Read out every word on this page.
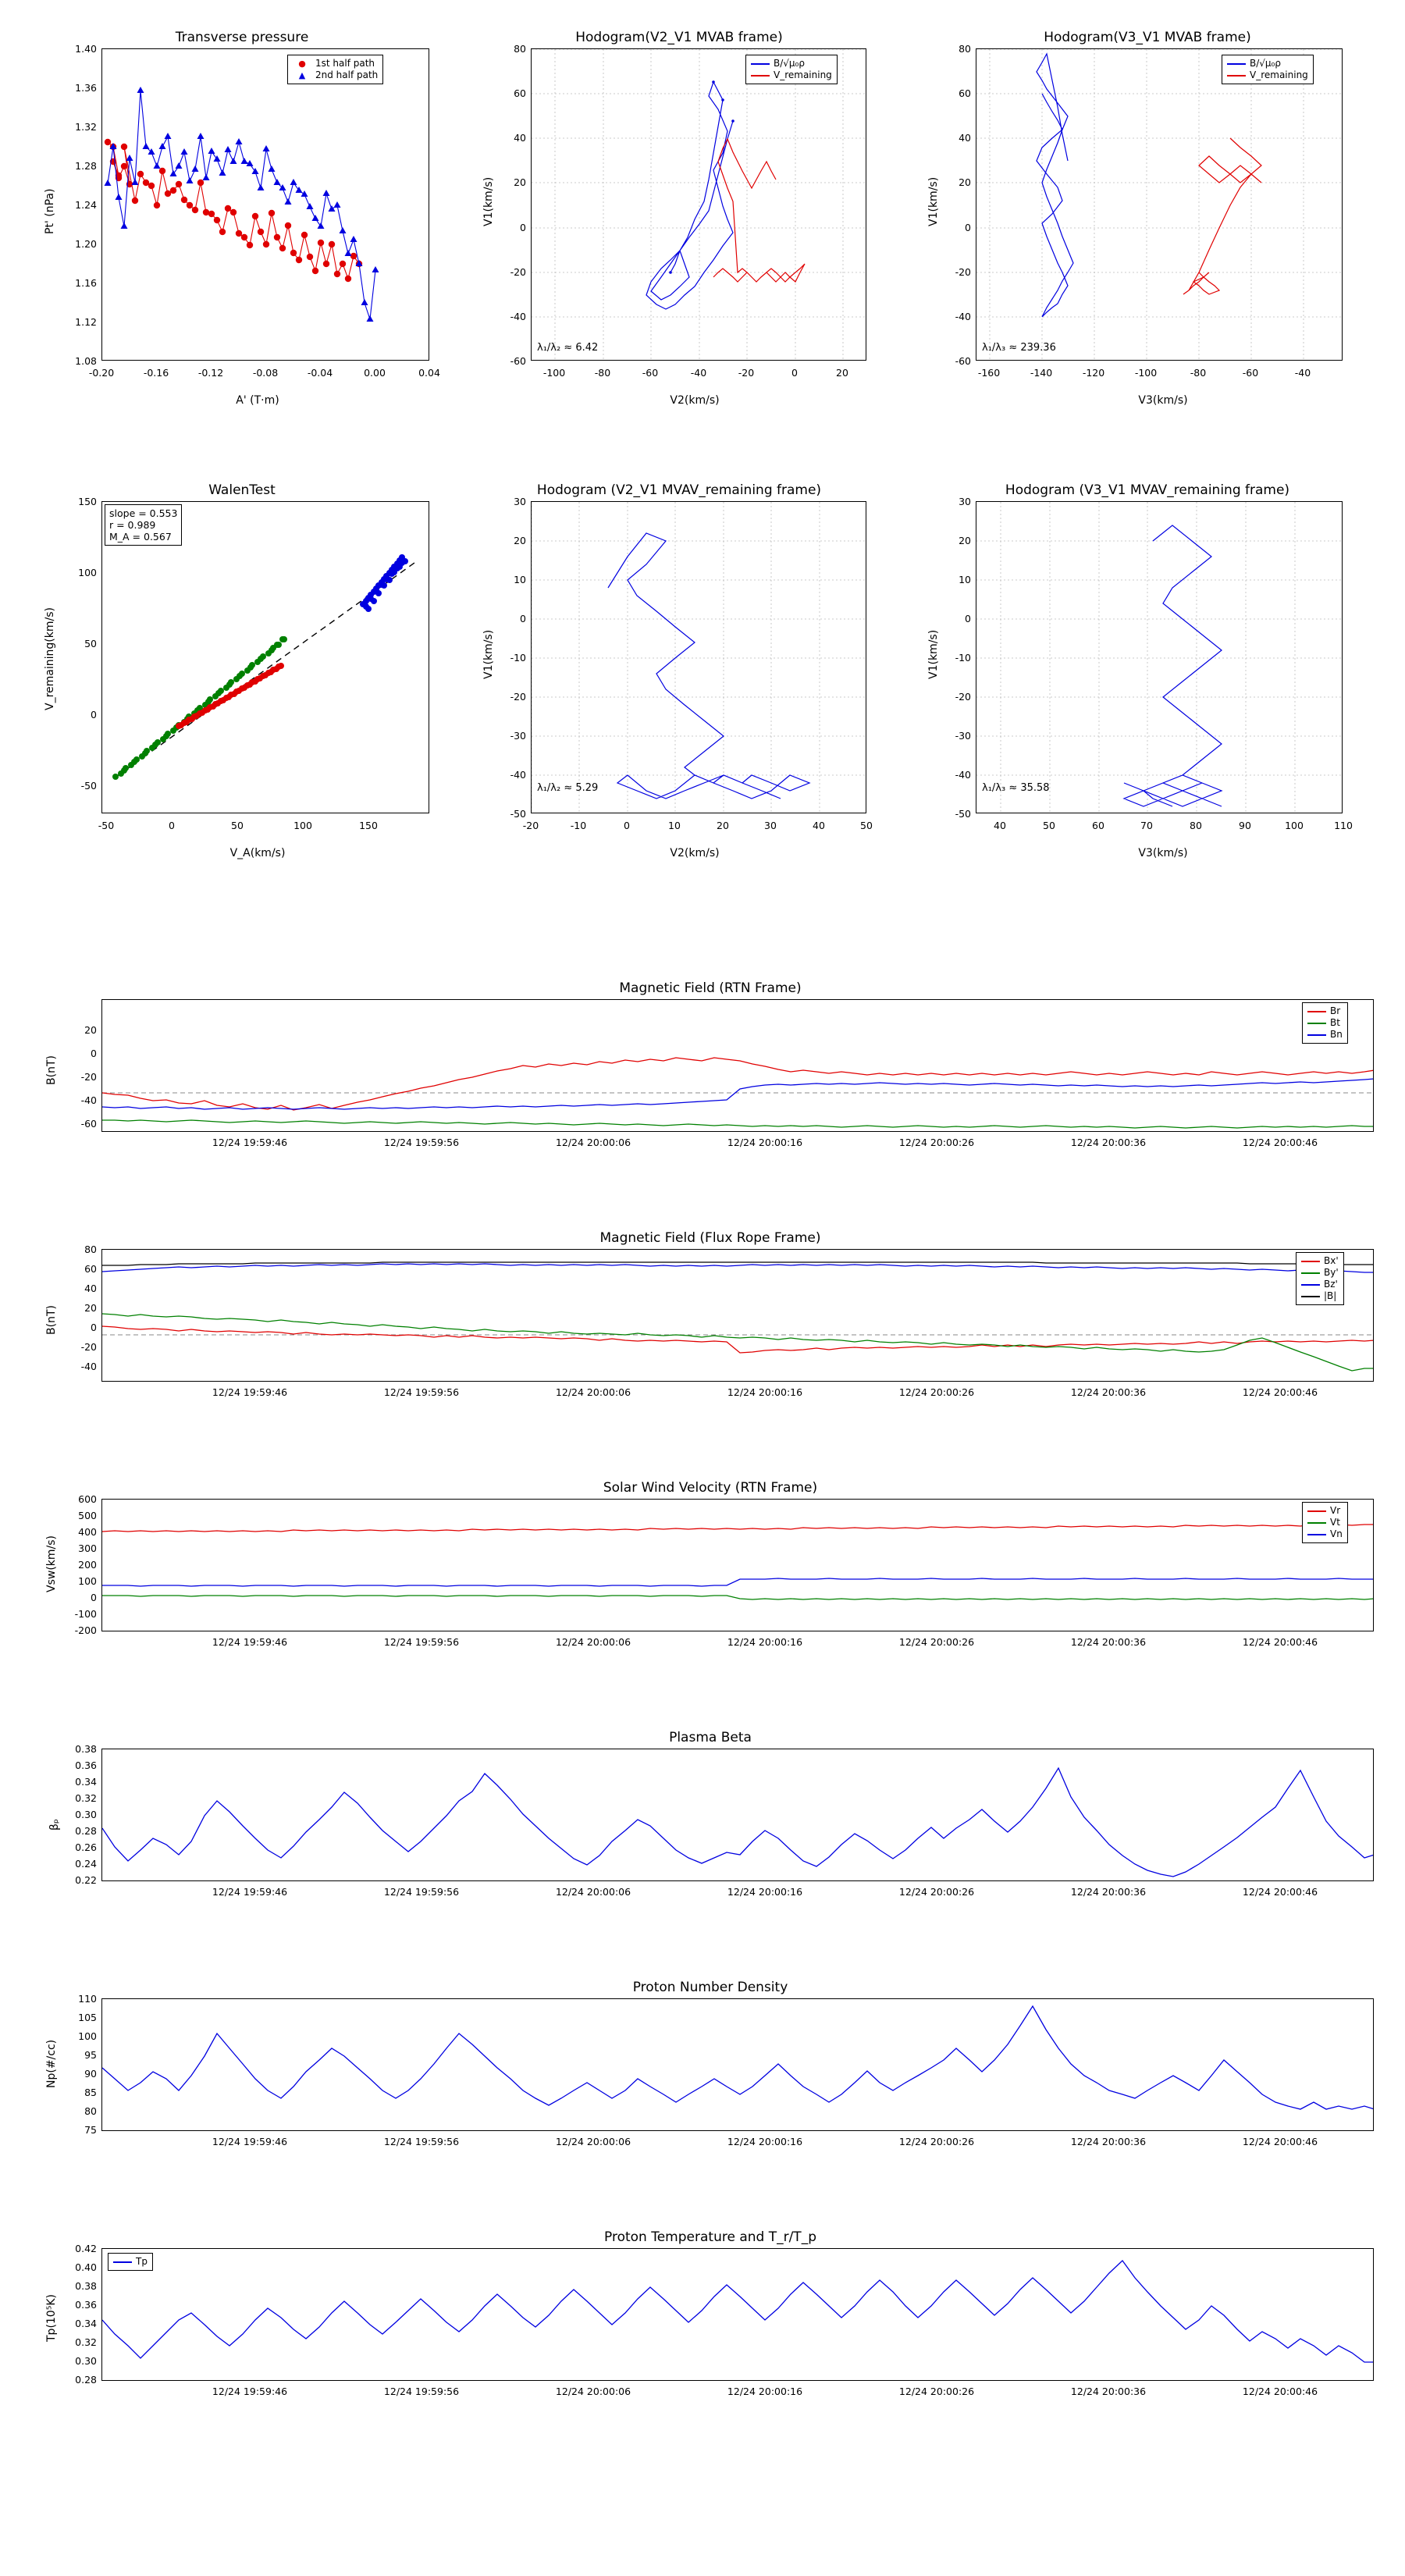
Transverse pressure
Pt' (nPa)
A' (T·m)
1.40
1.36
1.32
1.28
1.24
1.20
1.16
1.12
1.08
-0.20	-0.16	-0.12	-0.08	-0.04	0.00	0.04
●	1st half path
▲	2nd half path
Hodogram(V2_V1 MVAB frame)
V1(km/s)
V2(km/s)
80
60
40
20
0
-20
-40
-60
-100	-80	-60	-40	-20	0	20
B/√μ₀ρ
V_remaining
λ₁/λ₂ ≈ 6.42
Hodogram(V3_V1 MVAB frame)
V1(km/s)
V3(km/s)
80
60
40
20
0
-20
-40
-60
-160	-140	-120	-100	-80	-60	-40
B/√μ₀ρ
V_remaining
λ₁/λ₃ ≈ 239.36
WalenTest
V_remaining(km/s)
V_A(km/s)
150
100
50
0
-50
-50	0	50	100	150
slope = 0.553
r = 0.989
M_A = 0.567
Hodogram (V2_V1 MVAV_remaining frame)
V1(km/s)
V2(km/s)
30
20
10
0
-10
-20
-30
-40
-50
-20	-10	0	10	20	30	40	50
λ₁/λ₂ ≈ 5.29
Hodogram (V3_V1 MVAV_remaining frame)
V1(km/s)
V3(km/s)
30
20
10
0
-10
-20
-30
-40
-50
40	50	60	70	80	90	100	110
λ₁/λ₃ ≈ 35.58
Magnetic Field (RTN Frame)
B(nT)
20
0
-20
-40
-60
12/24 19:59:46	12/24 19:59:56	12/24 20:00:06	12/24 20:00:16	12/24 20:00:26	12/24 20:00:36	12/24 20:00:46
Br
Bt
Bn
Magnetic Field (Flux Rope Frame)
B(nT)
80
60
40
20
0
-20
-40
12/24 19:59:46	12/24 19:59:56	12/24 20:00:06	12/24 20:00:16	12/24 20:00:26	12/24 20:00:36	12/24 20:00:46
Bx'
By'
Bz'
|B|
Solar Wind Velocity (RTN Frame)
Vsw(km/s)
600
500
400
300
200
100
0
-100
-200
12/24 19:59:46	12/24 19:59:56	12/24 20:00:06	12/24 20:00:16	12/24 20:00:26	12/24 20:00:36	12/24 20:00:46
Vr
Vt
Vn
Plasma Beta
βₚ
0.38
0.36
0.34
0.32
0.30
0.28
0.26
0.24
0.22
12/24 19:59:46	12/24 19:59:56	12/24 20:00:06	12/24 20:00:16	12/24 20:00:26	12/24 20:00:36	12/24 20:00:46
Proton Number Density
Np(#/cc)
110
105
100
95
90
85
80
75
12/24 19:59:46	12/24 19:59:56	12/24 20:00:06	12/24 20:00:16	12/24 20:00:26	12/24 20:00:36	12/24 20:00:46
Proton Temperature and T_r/T_p
Tp(10⁵K)
0.42
0.40
0.38
0.36
0.34
0.32
0.30
0.28
12/24 19:59:46	12/24 19:59:56	12/24 20:00:06	12/24 20:00:16	12/24 20:00:26	12/24 20:00:36	12/24 20:00:46
Tp
